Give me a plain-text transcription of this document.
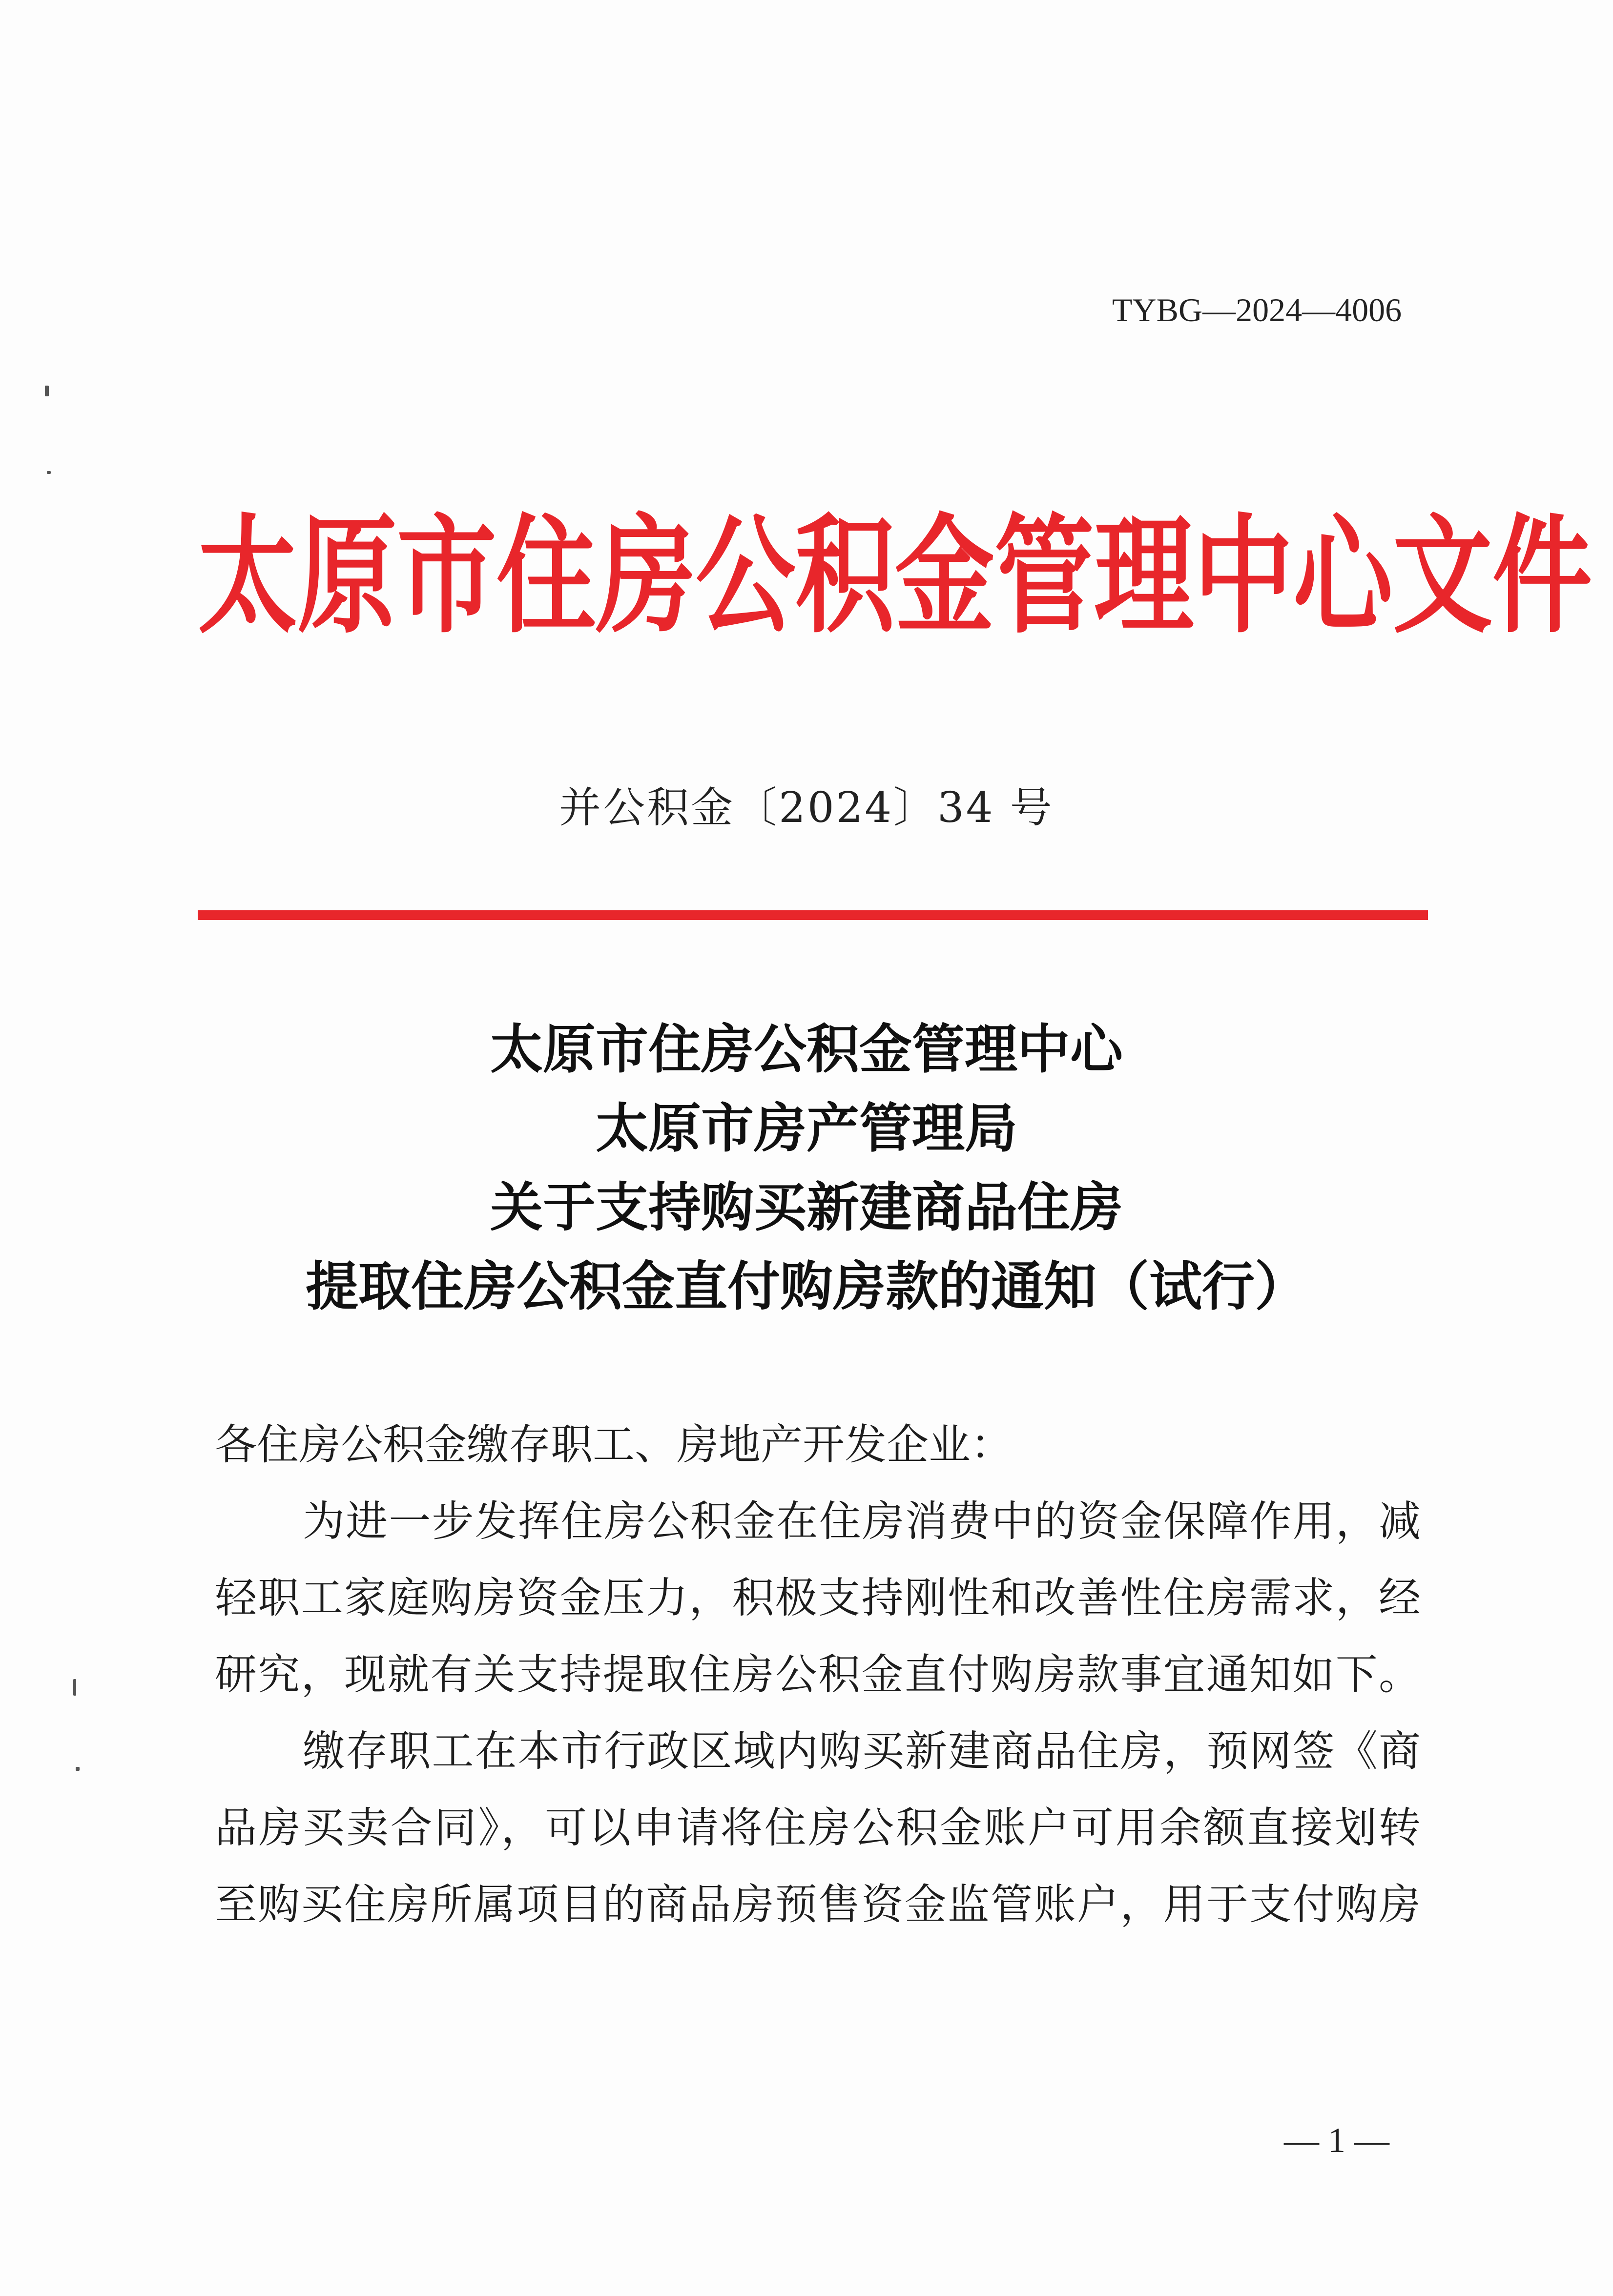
TYBG—2024—4006
太原市住房公积金管理中心文件
并公积金〔2024〕34 号
太原市住房公积金管理中心
太原市房产管理局
关于支持购买新建商品住房
提取住房公积金直付购房款的通知（试行）
各住房公积金缴存职工、房地产开发企业：
为进一步发挥住房公积金在住房消费中的资金保障作用，减
轻职工家庭购房资金压力，积极支持刚性和改善性住房需求，经
研究，现就有关支持提取住房公积金直付购房款事宜通知如下。
缴存职工在本市行政区域内购买新建商品住房，预网签《商
品房买卖合同》，可以申请将住房公积金账户可用余额直接划转
至购买住房所属项目的商品房预售资金监管账户，用于支付购房
— 1 —
